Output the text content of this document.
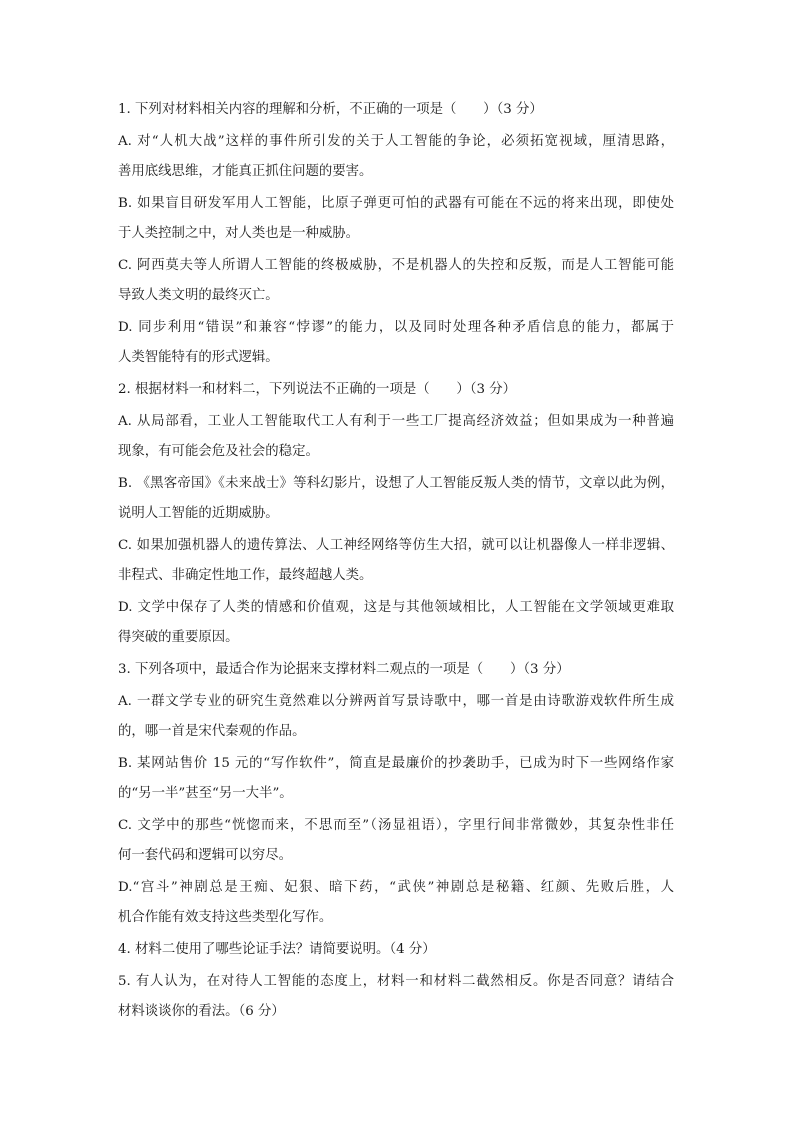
1. 下列对材料相关内容的理解和分析，不正确的一项是（　　）（3 分）
A. 对“人机大战”这样的事件所引发的关于人工智能的争论，必须拓宽视域，厘清思路，
善用底线思维，才能真正抓住问题的要害。
B. 如果盲目研发军用人工智能，比原子弹更可怕的武器有可能在不远的将来出现，即使处
于人类控制之中，对人类也是一种威胁。
C. 阿西莫夫等人所谓人工智能的终极威胁，不是机器人的失控和反叛，而是人工智能可能
导致人类文明的最终灭亡。
D. 同步利用“错误”和兼容“悖谬”的能力，以及同时处理各种矛盾信息的能力，都属于
人类智能特有的形式逻辑。
2. 根据材料一和材料二，下列说法不正确的一项是（　　）（3 分）
A. 从局部看，工业人工智能取代工人有利于一些工厂提高经济效益；但如果成为一种普遍
现象，有可能会危及社会的稳定。
B. 《黑客帝国》《未来战士》等科幻影片，设想了人工智能反叛人类的情节，文章以此为例，
说明人工智能的近期威胁。
C. 如果加强机器人的遗传算法、人工神经网络等仿生大招，就可以让机器像人一样非逻辑、
非程式、非确定性地工作，最终超越人类。
D. 文学中保存了人类的情感和价值观，这是与其他领域相比，人工智能在文学领域更难取
得突破的重要原因。
3. 下列各项中，最适合作为论据来支撑材料二观点的一项是（　　）（3 分）
A. 一群文学专业的研究生竟然难以分辨两首写景诗歌中，哪一首是由诗歌游戏软件所生成
的，哪一首是宋代秦观的作品。
B. 某网站售价 15 元的“写作软件”，简直是最廉价的抄袭助手，已成为时下一些网络作家
的“另一半”甚至“另一大半”。
C. 文学中的那些“恍惚而来，不思而至”（汤显祖语），字里行间非常微妙，其复杂性非任
何一套代码和逻辑可以穷尽。
D.“宫斗”神剧总是王痴、妃狠、暗下药，“武侠”神剧总是秘籍、红颜、先败后胜，人
机合作能有效支持这些类型化写作。
4. 材料二使用了哪些论证手法？请简要说明。（4 分）
5. 有人认为，在对待人工智能的态度上，材料一和材料二截然相反。你是否同意？请结合
材料谈谈你的看法。（6 分）
